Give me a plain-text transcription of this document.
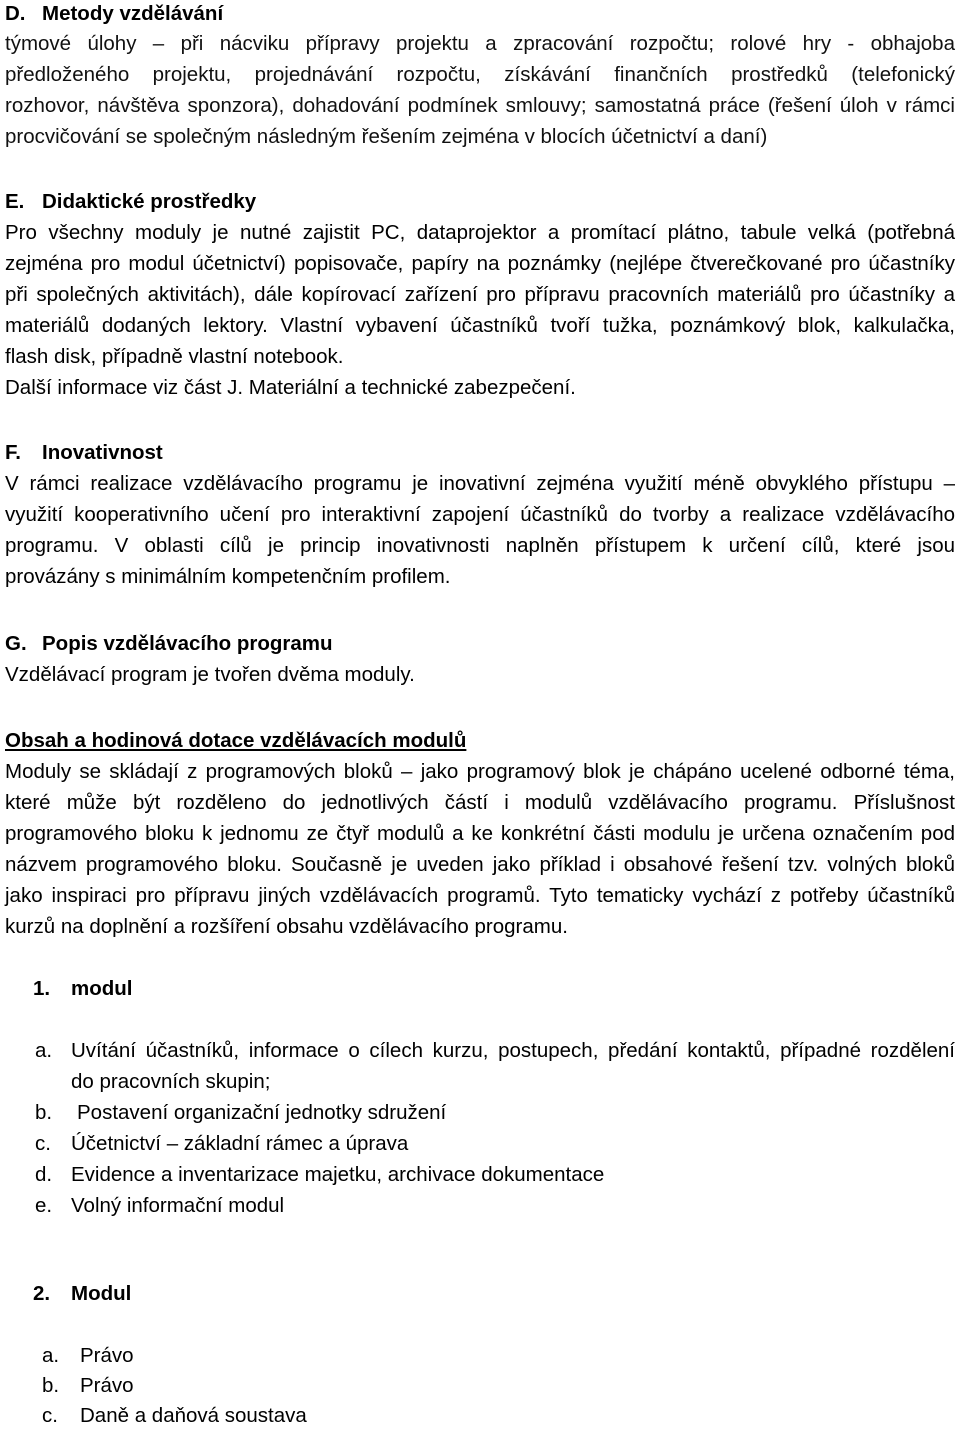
D. Metody vzdělávání
týmové úlohy – při nácviku přípravy projektu a zpracování rozpočtu; rolové hry - obhajoba
předloženého projektu, projednávání rozpočtu, získávání finančních prostředků (telefonický
rozhovor, návštěva sponzora), dohadování podmínek smlouvy; samostatná práce (řešení úloh v rámci
procvičování se společným následným řešením zejména v blocích účetnictví a daní)
E. Didaktické prostředky
Pro všechny moduly je nutné zajistit PC, dataprojektor a promítací plátno, tabule velká (potřebná
zejména pro modul účetnictví) popisovače, papíry na poznámky (nejlépe čtverečkované pro účastníky
při společných aktivitách), dále kopírovací zařízení pro přípravu pracovních materiálů pro účastníky a
materiálů dodaných lektory. Vlastní vybavení účastníků tvoří tužka, poznámkový blok, kalkulačka,
flash disk, případně vlastní notebook.
Další informace viz část J. Materiální a technické zabezpečení.
F. Inovativnost
V rámci realizace vzdělávacího programu je inovativní zejména využití méně obvyklého přístupu –
využití kooperativního učení pro interaktivní zapojení účastníků do tvorby a realizace vzdělávacího
programu. V oblasti cílů je princip inovativnosti naplněn přístupem k určení cílů, které jsou
provázány s minimálním kompetenčním profilem.
G. Popis vzdělávacího programu
Vzdělávací program je tvořen dvěma moduly.
Obsah a hodinová dotace vzdělávacích modulů
Moduly se skládají z programových bloků – jako programový blok je chápáno ucelené odborné téma,
které může být rozděleno do jednotlivých částí i modulů vzdělávacího programu. Příslušnost
programového bloku k jednomu ze čtyř modulů a ke konkrétní části modulu je určena označením pod
názvem programového bloku. Současně je uveden jako příklad i obsahové řešení tzv. volných bloků
jako inspiraci pro přípravu jiných vzdělávacích programů. Tyto tematicky vychází z potřeby účastníků
kurzů na doplnění a rozšíření obsahu vzdělávacího programu.
1. modul
a. Uvítání účastníků, informace o cílech kurzu, postupech, předání kontaktů, případné rozdělení
do pracovních skupin;
b.	Postavení organizační jednotky sdružení
c. Účetnictví – základní rámec a úprava
d. Evidence a inventarizace majetku, archivace dokumentace
e. Volný informační modul
2. Modul
a.	Právo
b.	Právo
c.	Daně a daňová soustava
